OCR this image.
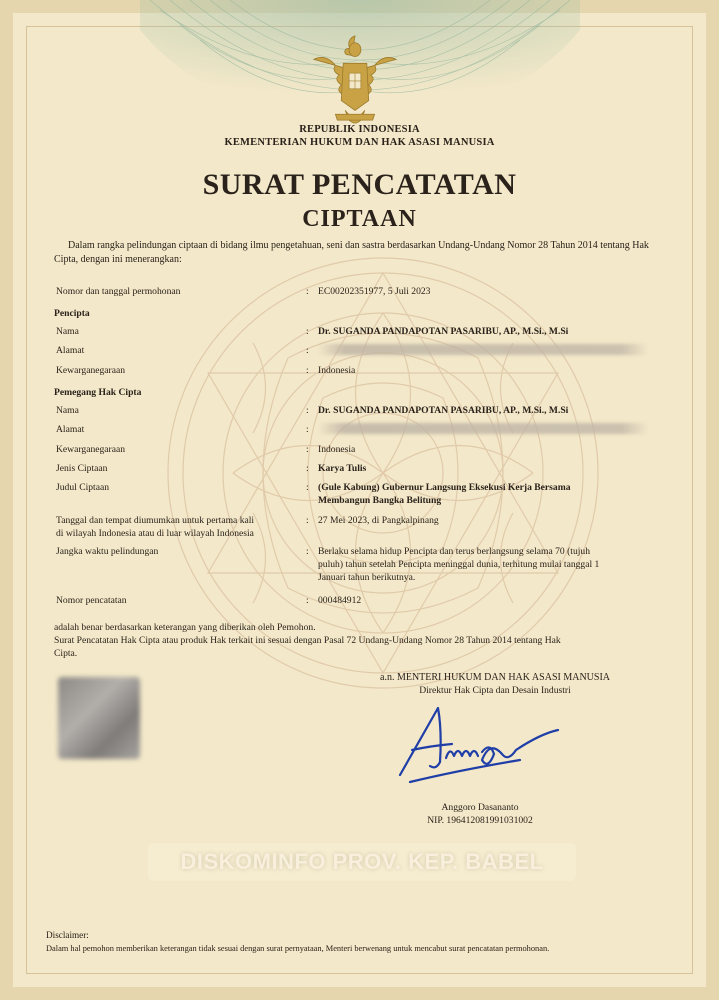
REPUBLIK INDONESIA
KEMENTERIAN HUKUM DAN HAK ASASI MANUSIA
SURAT PENCATATAN
CIPTAAN
Dalam rangka pelindungan ciptaan di bidang ilmu pengetahuan, seni dan sastra berdasarkan Undang-Undang Nomor 28 Tahun 2014 tentang Hak Cipta, dengan ini menerangkan:
Nomor dan tanggal permohonan	: EC00202351977, 5 Juli 2023
Pencipta
Nama	: Dr. SUGANDA PANDAPOTAN PASARIBU, AP., M.Si., M.Si
Alamat	:
Kewarganegaraan	: Indonesia
Pemegang Hak Cipta
Nama	: Dr. SUGANDA PANDAPOTAN PASARIBU, AP., M.Si., M.Si
Alamat	:
Kewarganegaraan	: Indonesia
Jenis Ciptaan	: Karya Tulis
Judul Ciptaan	: (Gule Kabung) Gubernur Langsung Eksekusi Kerja Bersama
Membangun Bangka Belitung
Tanggal dan tempat diumumkan untuk pertama kali
di wilayah Indonesia atau di luar wilayah Indonesia
: 27 Mei 2023, di Pangkalpinang
Jangka waktu pelindungan	: Berlaku selama hidup Pencipta dan terus berlangsung selama 70 (tujuh
puluh) tahun setelah Pencipta meninggal dunia, terhitung mulai tanggal 1
Januari tahun berikutnya.
Nomor pencatatan	: 000484912
adalah benar berdasarkan keterangan yang diberikan oleh Pemohon.
Surat Pencatatan Hak Cipta atau produk Hak terkait ini sesuai dengan Pasal 72 Undang-Undang Nomor 28 Tahun 2014 tentang Hak
Cipta.
a.n. MENTERI HUKUM DAN HAK ASASI MANUSIA
Direktur Hak Cipta dan Desain Industri
Anggoro Dasananto
NIP. 196412081991031002
DISKOMINFO PROV. KEP. BABEL
Disclaimer:
Dalam hal pemohon memberikan keterangan tidak sesuai dengan surat pernyataan, Menteri berwenang untuk mencabut surat pencatatan permohonan.
